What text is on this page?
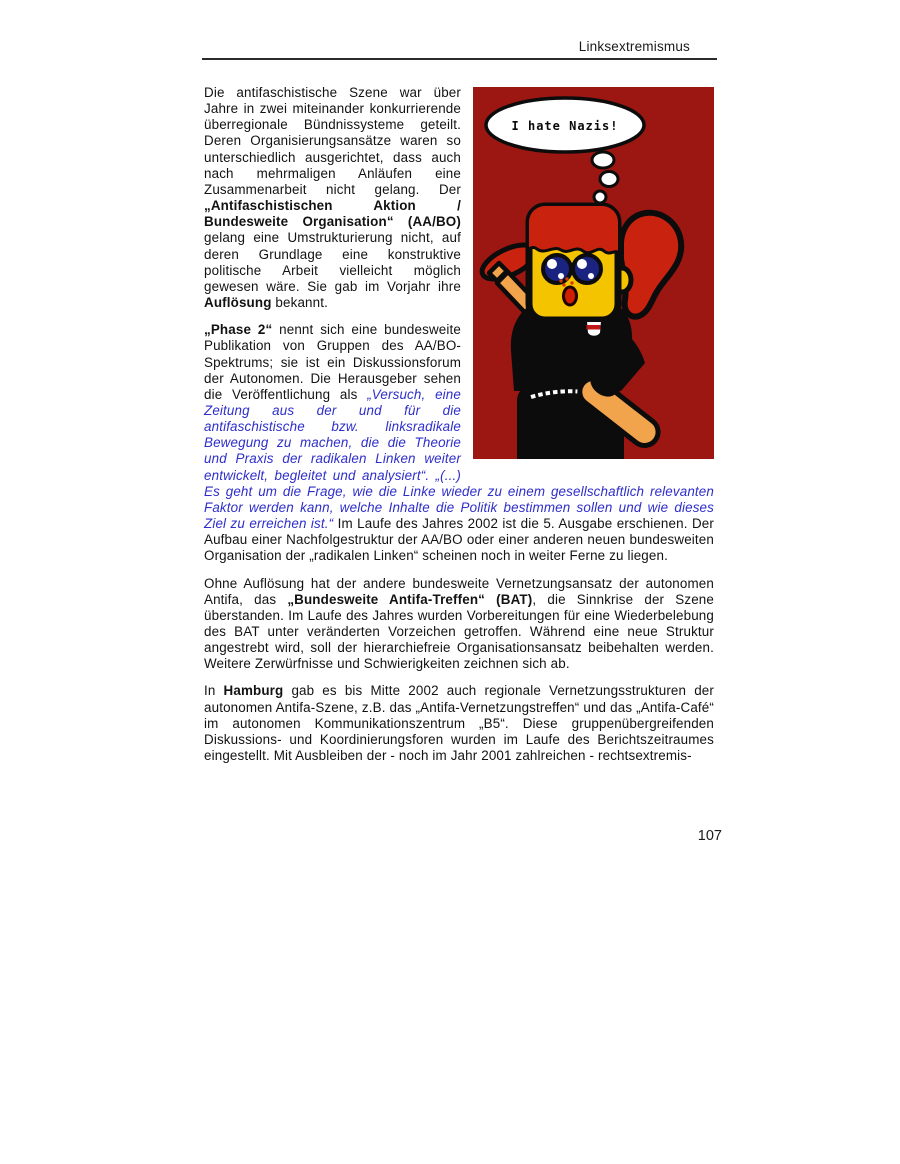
Linksextremismus
I hate Nazis!

Die antifaschistische Szene war über Jahre in zwei miteinander konkurrierende überregionale Bündnissysteme geteilt. Deren Organisierungsansätze waren so unterschiedlich ausgerichtet, dass auch nach mehrmaligen Anläufen eine Zusammenarbeit nicht gelang. Der „Antifaschistischen Aktion / Bundesweite Organisation“ (AA/BO) gelang eine Umstrukturierung nicht, auf deren Grundlage eine konstruktive politische Arbeit vielleicht möglich gewesen wäre. Sie gab im Vorjahr ihre Auflösung bekannt.

„Phase 2“ nennt sich eine bundesweite Publikation von Gruppen des AA/BO-Spektrums; sie ist ein Diskussionsforum der Autonomen. Die Herausgeber sehen die Veröffentlichung als „Versuch, eine Zeitung aus der und für die antifaschistische bzw. linksradikale Bewegung zu machen, die die Theorie und Praxis der radikalen Linken weiter entwickelt, begleitet und analysiert“. „(...) Es geht um die Frage, wie die Linke wieder zu einem gesellschaftlich relevanten Faktor werden kann, welche Inhalte die Politik bestimmen sollen und wie dieses Ziel zu erreichen ist.“ Im Laufe des Jahres 2002 ist die 5. Ausgabe erschienen. Der Aufbau einer Nachfolgestruktur der AA/BO oder einer anderen neuen bundesweiten Organisation der „radikalen Linken“ scheinen noch in weiter Ferne zu liegen.

Ohne Auflösung hat der andere bundesweite Vernetzungsansatz der autonomen Antifa, das „Bundesweite Antifa-Treffen“ (BAT), die Sinnkrise der Szene überstanden. Im Laufe des Jahres wurden Vorbereitungen für eine Wiederbelebung des BAT unter veränderten Vorzeichen getroffen. Während eine neue Struktur angestrebt wird, soll der hierarchiefreie Organisationsansatz beibehalten werden. Weitere Zerwürfnisse und Schwierigkeiten zeichnen sich ab.

In Hamburg gab es bis Mitte 2002 auch regionale Vernetzungsstrukturen der autonomen Antifa-Szene, z.B. das „Antifa-Vernetzungstreffen“ und das „Antifa-Café“ im autonomen Kommunikationszentrum „B5“. Diese gruppenübergreifenden Diskussions- und Koordinierungsforen wurden im Laufe des Berichtszeitraumes eingestellt. Mit Ausbleiben der - noch im Jahr 2001 zahlreichen - rechtsextremis-

107
